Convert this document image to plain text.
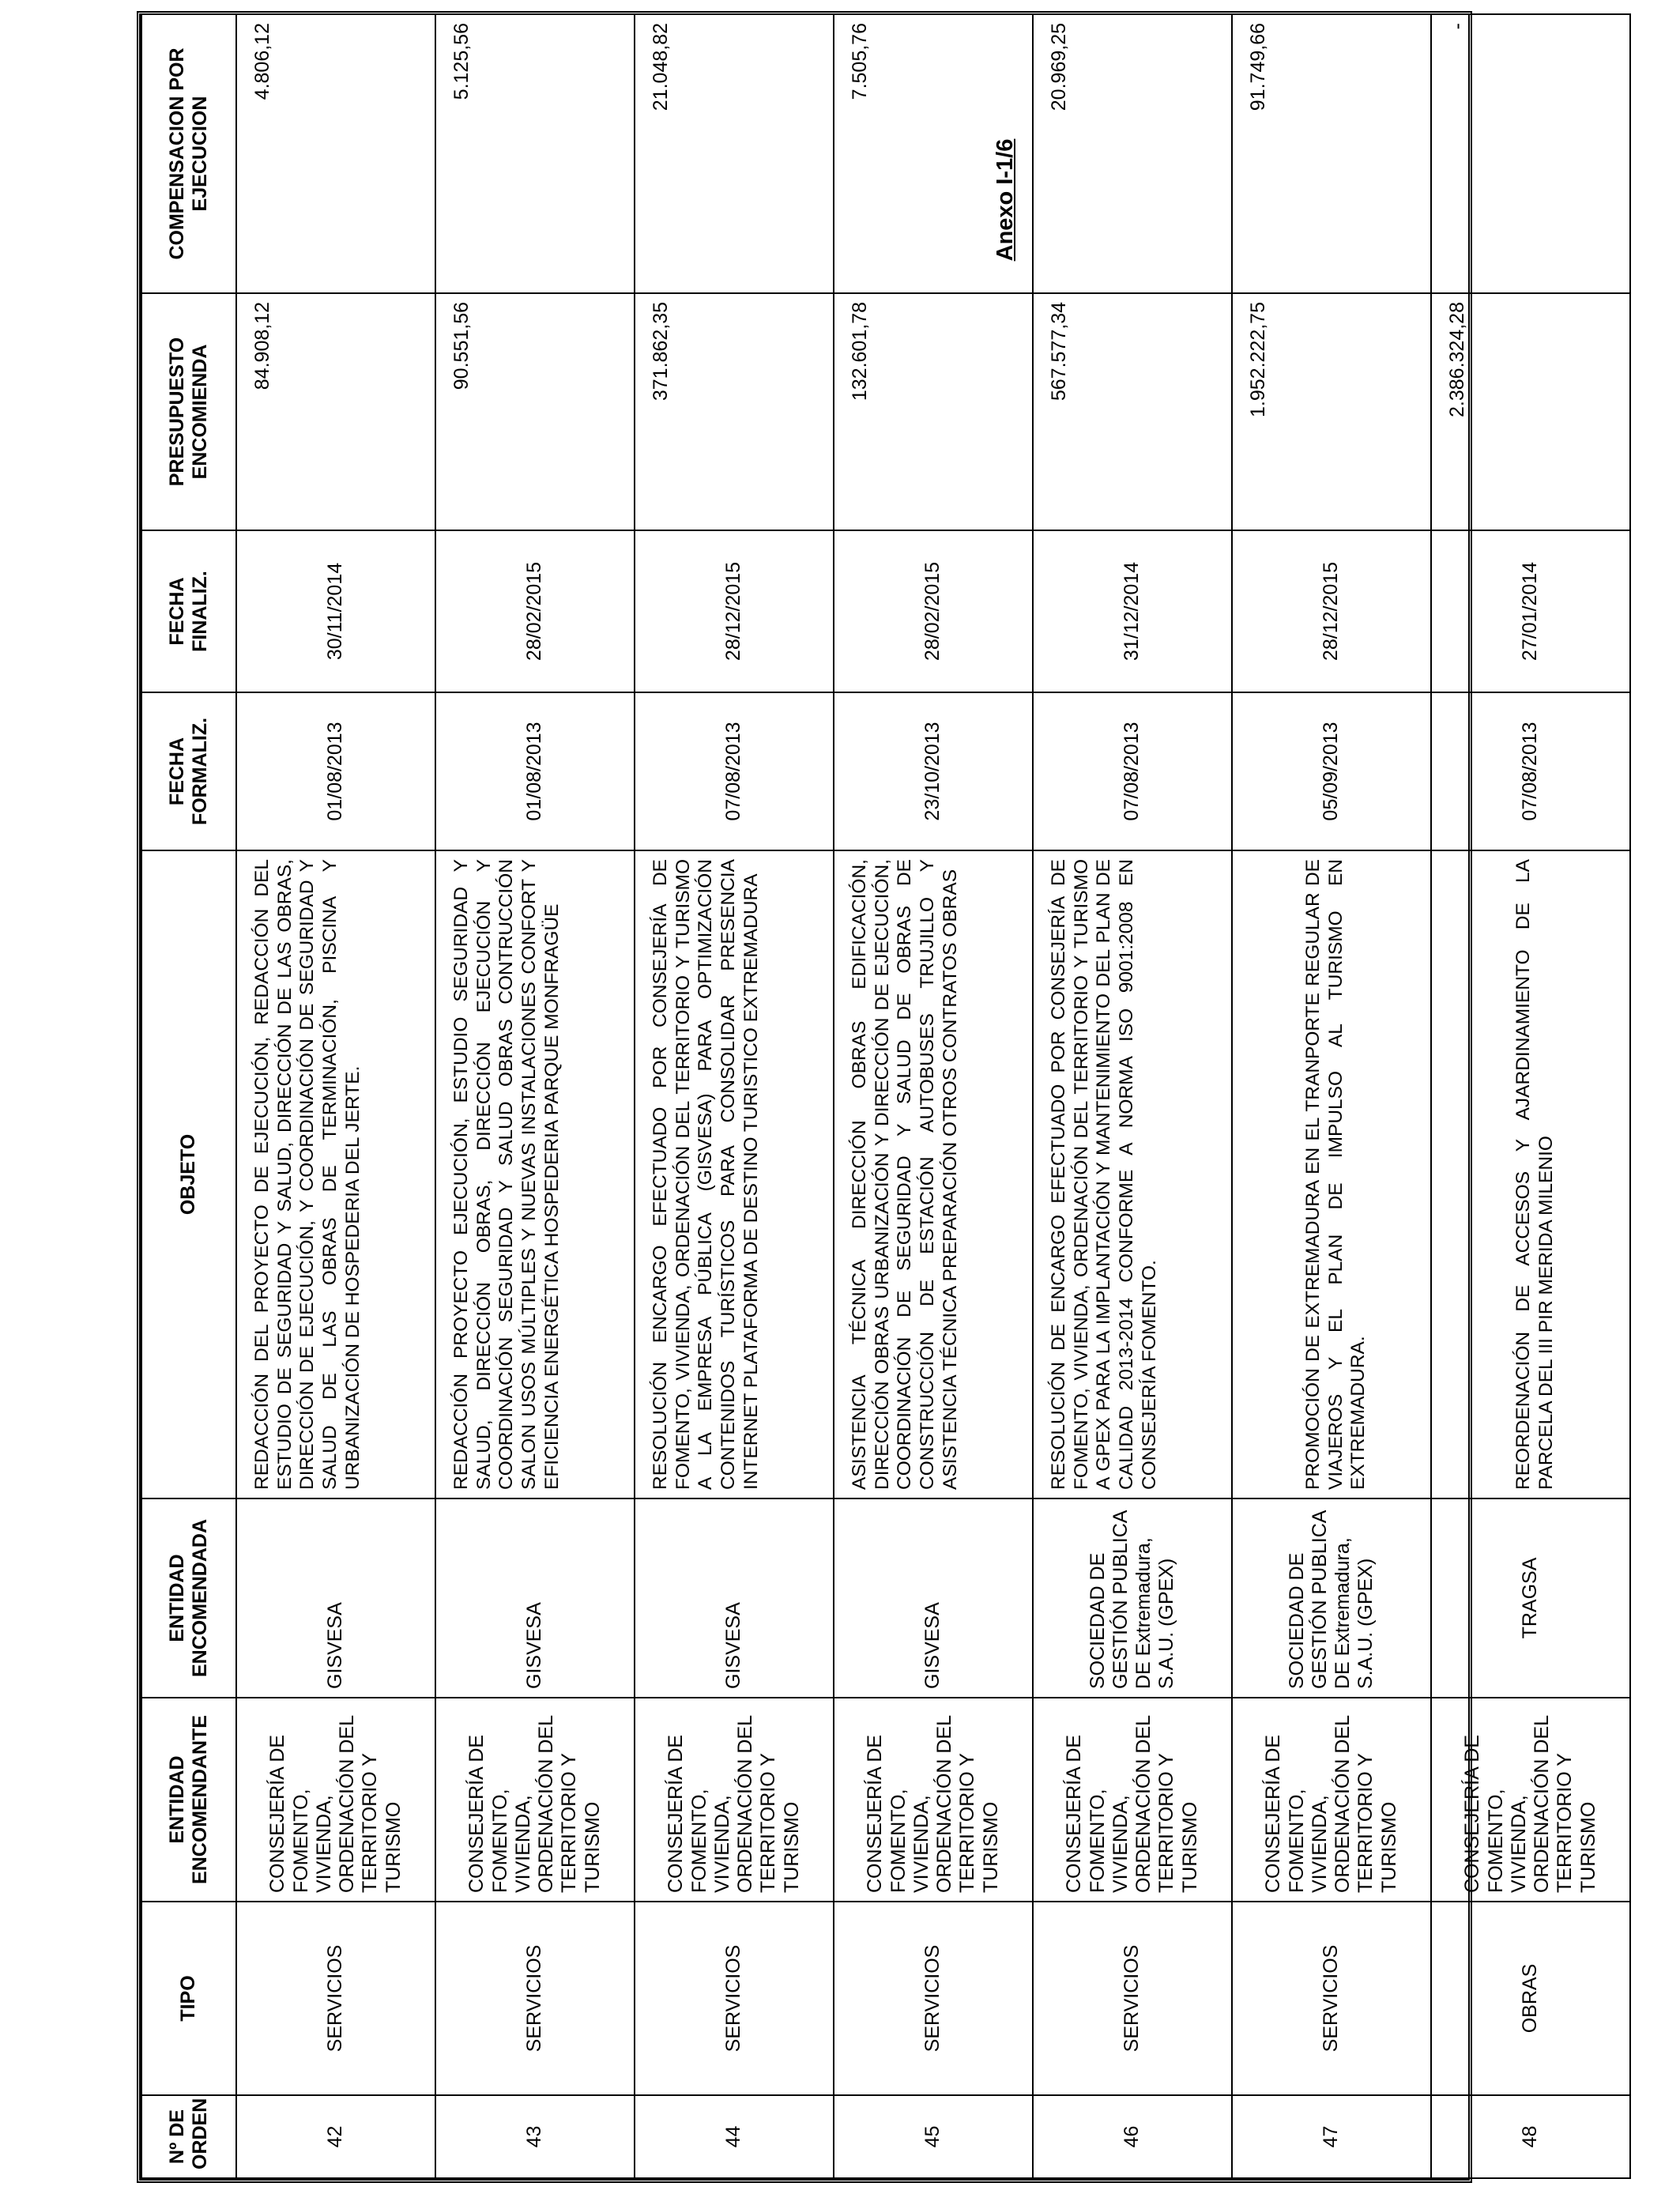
Anexo I-1/6
Nº DE ORDEN	TIPO	ENTIDAD ENCOMENDANTE	ENTIDAD ENCOMENDADA	OBJETO	FECHA FORMALIZ.	FECHA FINALIZ.	PRESUPUESTO ENCOMIENDA	COMPENSACION POR EJECUCION
42	SERVICIOS	CONSEJERÍA DE FOMENTO, VIVIENDA, ORDENACIÓN DEL TERRITORIO Y TURISMO	GISVESA	REDACCIÓN DEL PROYECTO DE EJECUCIÓN, REDACCIÓN DEL ESTUDIO DE SEGURIDAD Y SALUD, DIRECCIÓN DE LAS OBRAS, DIRECCIÓN DE EJECUCIÓN, Y COORDINACIÓN DE SEGURIDAD Y SALUD DE LAS OBRAS DE TERMINACIÓN, PISCINA Y URBANIZACIÓN DE HOSPEDERIA DEL JERTE.	01/08/2013	30/11/2014	84.908,12	4.806,12
43	SERVICIOS	CONSEJERÍA DE FOMENTO, VIVIENDA, ORDENACIÓN DEL TERRITORIO Y TURISMO	GISVESA	REDACCIÓN PROYECTO EJECUCIÓN, ESTUDIO SEGURIDAD Y SALUD, DIRECCIÓN OBRAS, DIRECCIÓN EJECUCIÓN Y COORDINACIÓN SEGURIDAD Y SALUD OBRAS CONTRUCCIÓN SALON USOS MÚLTIPLES Y NUEVAS INSTALACIONES CONFORT Y EFICIENCIA ENERGÉTICA HOSPEDERIA PARQUE MONFRAGÜE	01/08/2013	28/02/2015	90.551,56	5.125,56
44	SERVICIOS	CONSEJERÍA DE FOMENTO, VIVIENDA, ORDENACIÓN DEL TERRITORIO Y TURISMO	GISVESA	RESOLUCIÓN ENCARGO EFECTUADO POR CONSEJERÍA DE FOMENTO, VIVIENDA, ORDENACIÓN DEL TERRITORIO Y TURISMO A LA EMPRESA PÚBLICA (GISVESA) PARA OPTIMIZACIÓN CONTENIDOS TURÍSTICOS PARA CONSOLIDAR PRESENCIA INTERNET PLATAFORMA DE DESTINO TURISTICO EXTREMADURA	07/08/2013	28/12/2015	371.862,35	21.048,82
45	SERVICIOS	CONSEJERÍA DE FOMENTO, VIVIENDA, ORDENACIÓN DEL TERRITORIO Y TURISMO	GISVESA	ASISTENCIA TÉCNICA DIRECCIÓN OBRAS EDIFICACIÓN, DIRECCIÓN OBRAS URBANIZACIÓN Y DIRECCIÓN DE EJECUCIÓN, COORDINACIÓN DE SEGURIDAD Y SALUD DE OBRAS DE CONSTRUCCIÓN DE ESTACIÓN AUTOBUSES TRUJILLO Y ASISTENCIA TÉCNICA PREPARACIÓN OTROS CONTRATOS OBRAS	23/10/2013	28/02/2015	132.601,78	7.505,76
46	SERVICIOS	CONSEJERÍA DE FOMENTO, VIVIENDA, ORDENACIÓN DEL TERRITORIO Y TURISMO	SOCIEDAD DE GESTIÓN PUBLICA DE Extremadura, S.A.U. (GPEX)	RESOLUCIÓN DE ENCARGO EFECTUADO POR CONSEJERÍA DE FOMENTO, VIVIENDA, ORDENACIÓN DEL TERRITORIO Y TURISMO A GPEX PARA LA IMPLANTACIÓN Y MANTENIMIENTO DEL PLAN DE CALIDAD 2013-2014 CONFORME A NORMA ISO 9001:2008 EN CONSEJERÍA FOMENTO.	07/08/2013	31/12/2014	567.577,34	20.969,25
47	SERVICIOS	CONSEJERÍA DE FOMENTO, VIVIENDA, ORDENACIÓN DEL TERRITORIO Y TURISMO	SOCIEDAD DE GESTIÓN PUBLICA DE Extremadura, S.A.U. (GPEX)	PROMOCIÓN DE EXTREMADURA EN EL TRANPORTE REGULAR DE VIAJEROS Y EL PLAN DE IMPULSO AL TURISMO EN EXTREMADURA.	05/09/2013	28/12/2015	1.952.222,75	91.749,66
48	OBRAS	CONSEJERÍA DE FOMENTO, VIVIENDA, ORDENACIÓN DEL TERRITORIO Y TURISMO	TRAGSA	REORDENACIÓN DE ACCESOS Y AJARDINAMIENTO DE LA PARCELA DEL III PIR MERIDA MILENIO	07/08/2013	27/01/2014	2.386.324,28	-
